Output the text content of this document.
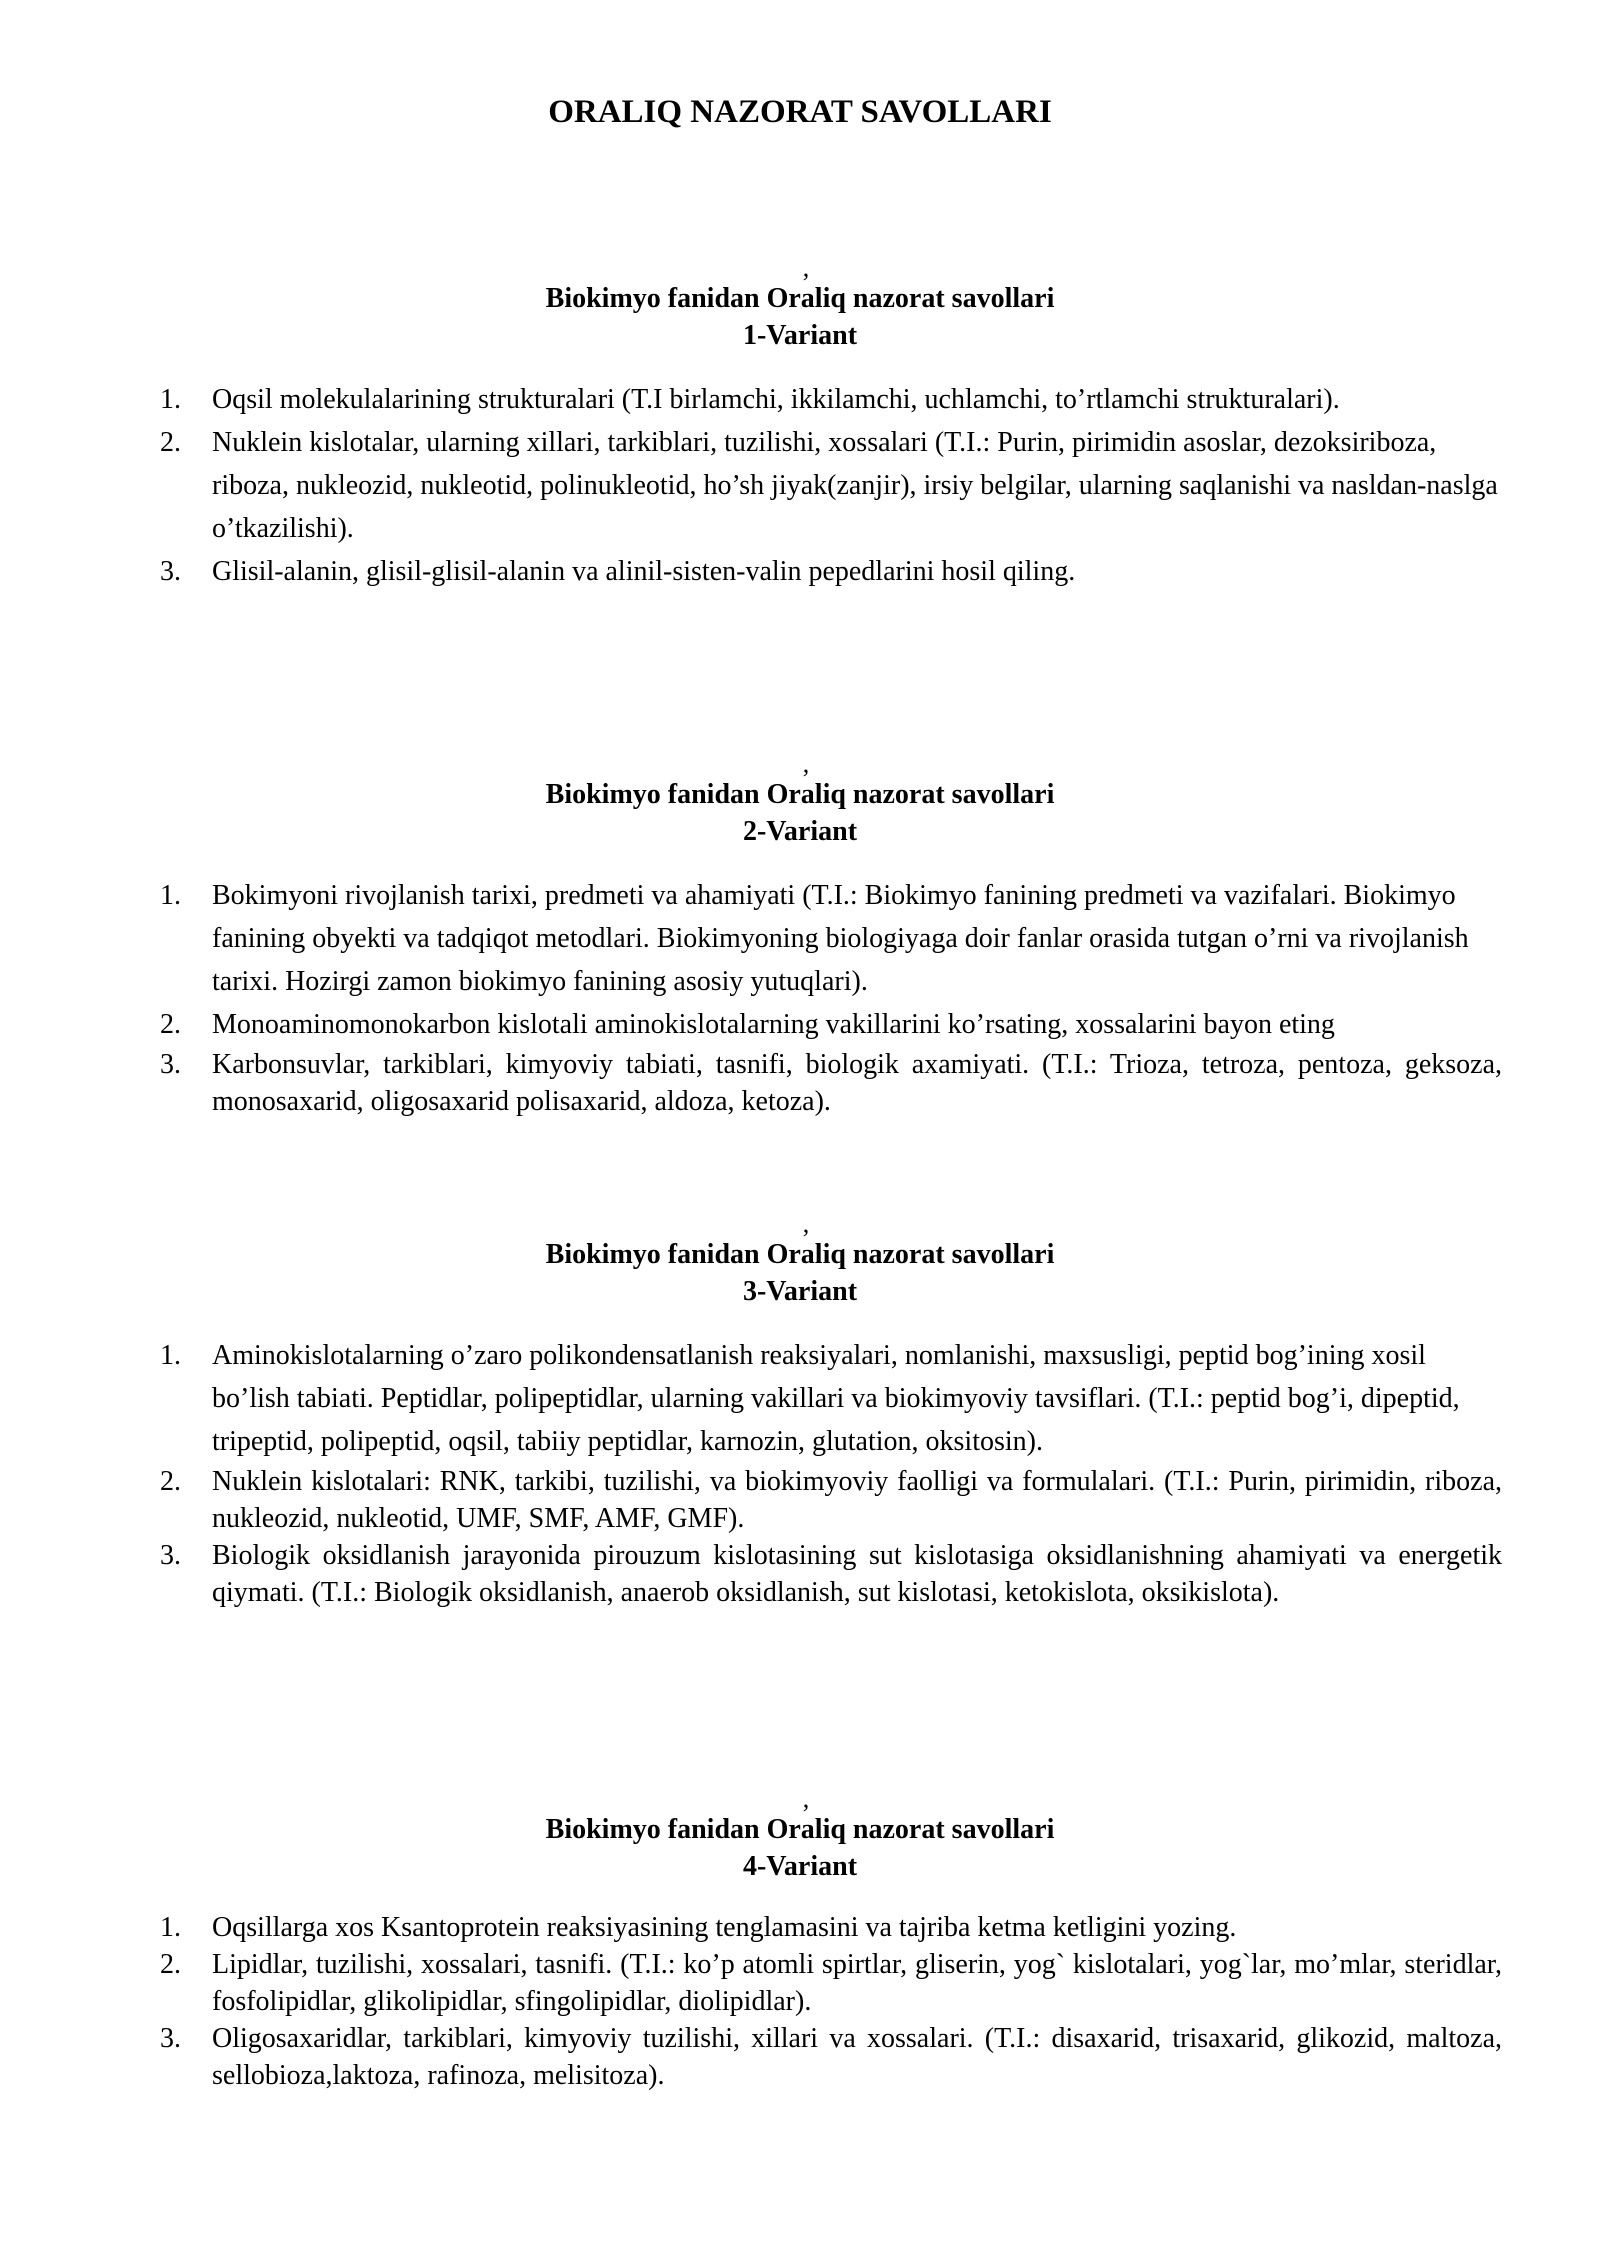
ORALIQ NAZORAT SAVOLLARI
,
Biokimyo fanidan Oraliq nazorat savollari
1-Variant
1. Oqsil molekulalarining strukturalari (T.I birlamchi, ikkilamchi, uchlamchi, to’rtlamchi strukturalari).
2. Nuklein kislotalar, ularning xillari, tarkiblari, tuzilishi, xossalari (T.I.: Purin, pirimidin asoslar, dezoksiriboza, riboza, nukleozid, nukleotid, polinukleotid, ho’sh jiyak(zanjir), irsiy belgilar, ularning saqlanishi va nasldan-naslga o’tkazilishi).
3. Glisil-alanin, glisil-glisil-alanin va alinil-sisten-valin pepedlarini hosil qiling.
,
Biokimyo fanidan Oraliq nazorat savollari
2-Variant
1. Bokimyoni rivojlanish tarixi, predmeti va ahamiyati (T.I.: Biokimyo fanining predmeti va vazifalari. Biokimyo fanining obyekti va tadqiqot metodlari. Biokimyoning biologiyaga doir fanlar orasida tutgan o’rni va rivojlanish tarixi. Hozirgi zamon biokimyo fanining asosiy yutuqlari).
2. Monoaminomonokarbon kislotali aminokislotalarning vakillarini ko’rsating, xossalarini bayon eting
3. Karbonsuvlar, tarkiblari, kimyoviy tabiati, tasnifi, biologik axamiyati. (T.I.: Trioza, tetroza, pentoza, geksoza, monosaxarid, oligosaxarid polisaxarid, aldoza, ketoza).
,
Biokimyo fanidan Oraliq nazorat savollari
3-Variant
1. Aminokislotalarning o’zaro polikondensatlanish reaksiyalari, nomlanishi, maxsusligi, peptid bog’ining xosil bo’lish tabiati. Peptidlar, polipeptidlar, ularning vakillari va biokimyoviy tavsiflari. (T.I.: peptid bog’i, dipeptid, tripeptid, polipeptid, oqsil, tabiiy peptidlar, karnozin, glutation, oksitosin).
2. Nuklein kislotalari: RNK, tarkibi, tuzilishi, va biokimyoviy faolligi va formulalari. (T.I.: Purin, pirimidin, riboza, nukleozid, nukleotid, UMF, SMF, AMF, GMF).
3. Biologik oksidlanish jarayonida pirouzum kislotasining sut kislotasiga oksidlanishning ahamiyati va energetik qiymati. (T.I.: Biologik oksidlanish, anaerob oksidlanish, sut kislotasi, ketokislota, oksikislota).
,
Biokimyo fanidan Oraliq nazorat savollari
4-Variant
1. Oqsillarga xos Ksantoprotein reaksiyasining tenglamasini va tajriba ketma ketligini yozing.
2. Lipidlar, tuzilishi, xossalari, tasnifi. (T.I.: ko’p atomli spirtlar, gliserin, yog` kislotalari, yog`lar, mo’mlar, steridlar, fosfolipidlar, glikolipidlar, sfingolipidlar, diolipidlar).
3. Oligosaxaridlar, tarkiblari, kimyoviy tuzilishi, xillari va xossalari. (T.I.: disaxarid, trisaxarid, glikozid, maltoza, sellobioza,laktoza, rafinoza, melisitoza).
